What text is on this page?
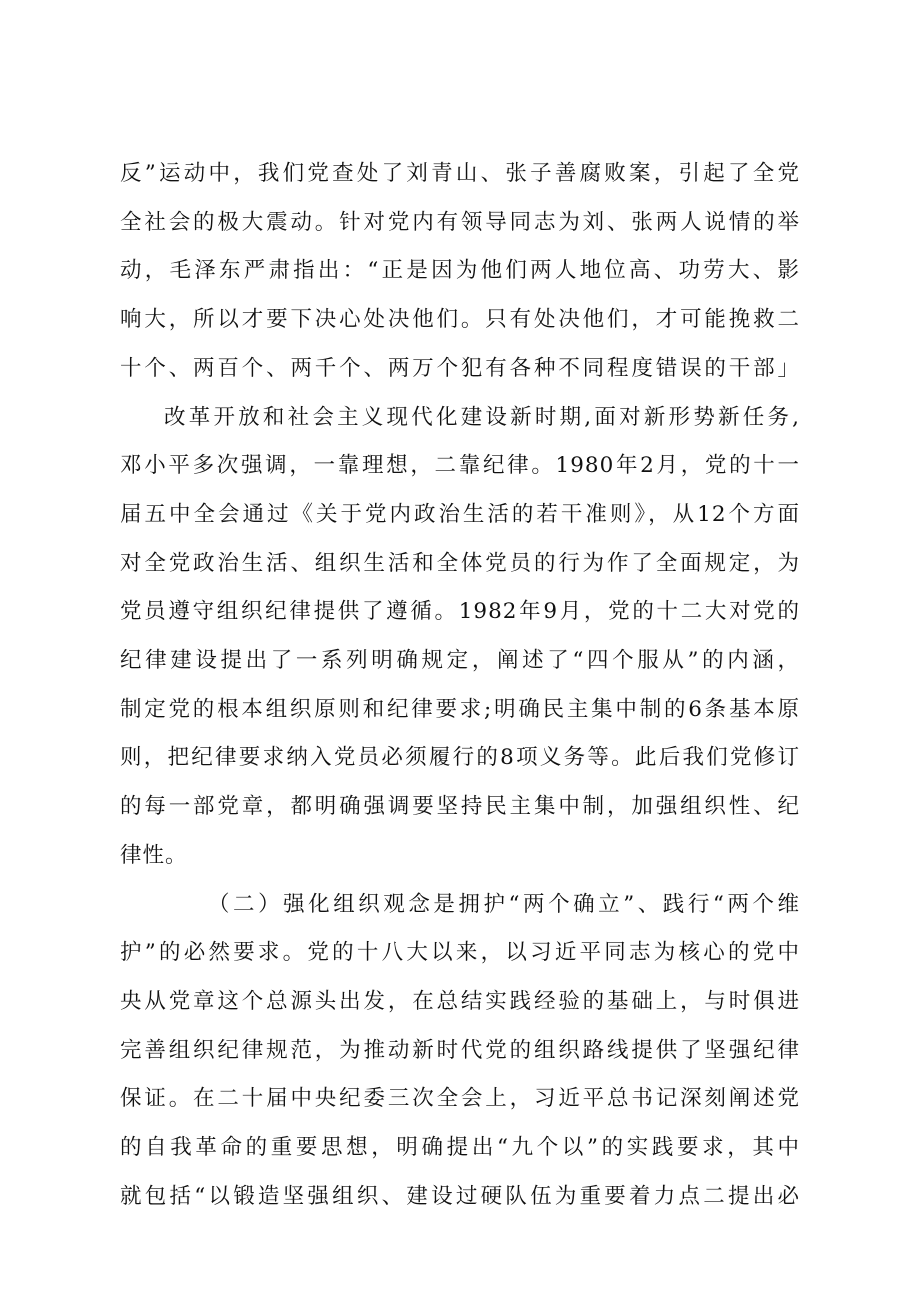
反”运动中，我们党查处了刘青山、张子善腐败案，引起了全党
全社会的极大震动。针对党内有领导同志为刘、张两人说情的举
动，毛泽东严肃指出：“正是因为他们两人地位高、功劳大、影
响大，所以才要下决心处决他们。只有处决他们，才可能挽救二
十个、两百个、两千个、两万个犯有各种不同程度错误的干部」
改革开放和社会主义现代化建设新时期,面对新形势新任务,
邓小平多次强调，一靠理想，二靠纪律。1980年2月，党的十一
届五中全会通过《关于党内政治生活的若干准则》，从12个方面
对全党政治生活、组织生活和全体党员的行为作了全面规定，为
党员遵守组织纪律提供了遵循。1982年9月，党的十二大对党的
纪律建设提出了一系列明确规定，阐述了“四个服从”的内涵，
制定党的根本组织原则和纪律要求;明确民主集中制的6条基本原
则，把纪律要求纳入党员必须履行的8项义务等。此后我们党修订
的每一部党章，都明确强调要坚持民主集中制，加强组织性、纪
律性。
（二）强化组织观念是拥护“两个确立”、践行“两个维
护”的必然要求。党的十八大以来，以习近平同志为核心的党中
央从党章这个总源头出发，在总结实践经验的基础上，与时俱进
完善组织纪律规范，为推动新时代党的组织路线提供了坚强纪律
保证。在二十届中央纪委三次全会上，习近平总书记深刻阐述党
的自我革命的重要思想，明确提出“九个以”的实践要求，其中
就包括“以锻造坚强组织、建设过硬队伍为重要着力点二提出必
